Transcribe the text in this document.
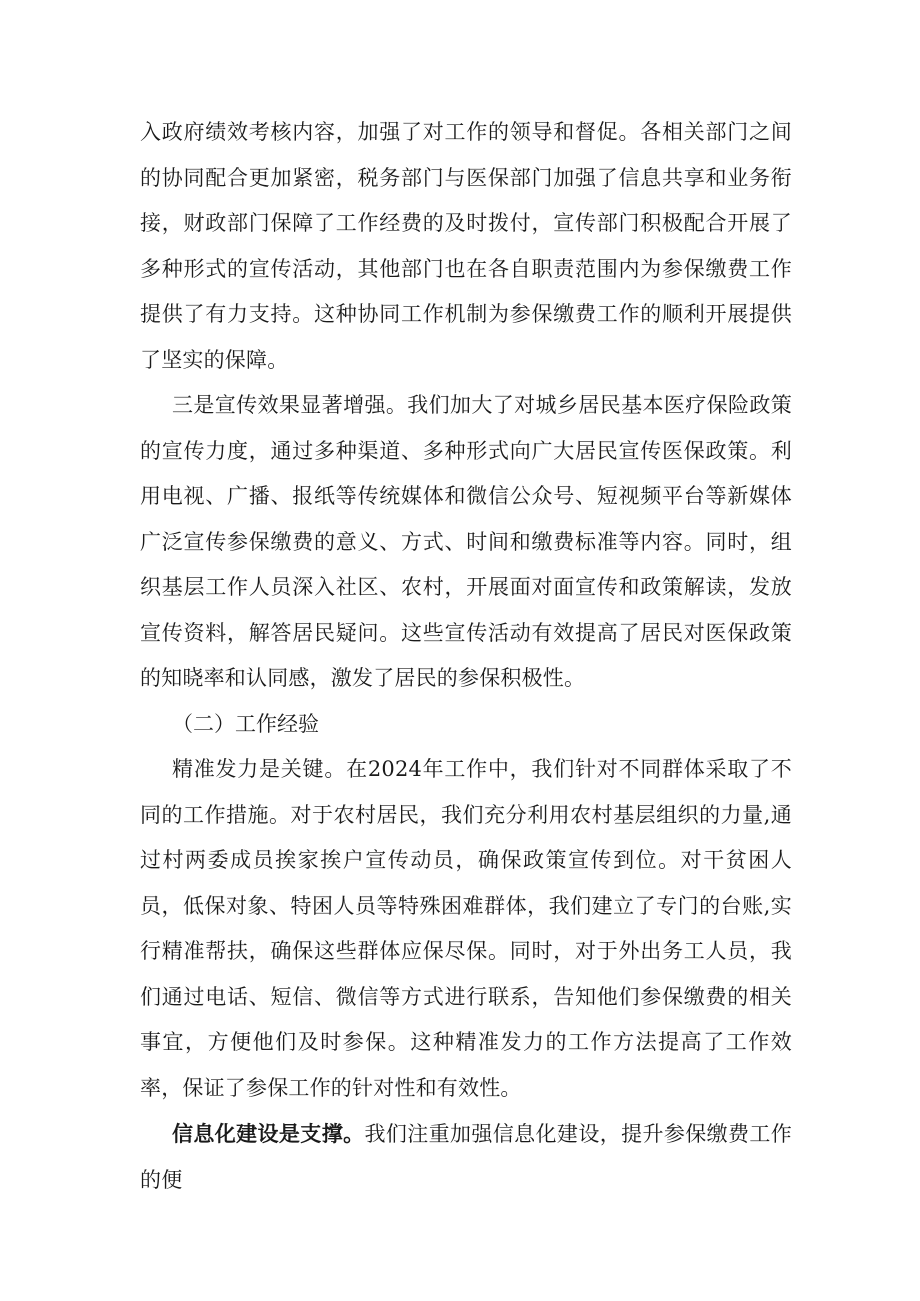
入政府绩效考核内容，加强了对工作的领导和督促。各相关部门之间的协同配合更加紧密，税务部门与医保部门加强了信息共享和业务衔接，财政部门保障了工作经费的及时拨付，宣传部门积极配合开展了多种形式的宣传活动，其他部门也在各自职责范围内为参保缴费工作提供了有力支持。这种协同工作机制为参保缴费工作的顺利开展提供了坚实的保障。

三是宣传效果显著增强。我们加大了对城乡居民基本医疗保险政策的宣传力度，通过多种渠道、多种形式向广大居民宣传医保政策。利用电视、广播、报纸等传统媒体和微信公众号、短视频平台等新媒体广泛宣传参保缴费的意义、方式、时间和缴费标准等内容。同时，组织基层工作人员深入社区、农村，开展面对面宣传和政策解读，发放宣传资料，解答居民疑问。这些宣传活动有效提高了居民对医保政策的知晓率和认同感，激发了居民的参保积极性。

（二）工作经验

精准发力是关键。在2024年工作中，我们针对不同群体采取了不同的工作措施。对于农村居民，我们充分利用农村基层组织的力量,通过村两委成员挨家挨户宣传动员，确保政策宣传到位。对干贫困人员，低保对象、特困人员等特殊困难群体，我们建立了专门的台账,实行精准帮扶，确保这些群体应保尽保。同时，对于外出务工人员，我们通过电话、短信、微信等方式进行联系，告知他们参保缴费的相关事宜，方便他们及时参保。这种精准发力的工作方法提高了工作效率，保证了参保工作的针对性和有效性。

信息化建设是支撑。我们注重加强信息化建设，提升参保缴费工作的便
